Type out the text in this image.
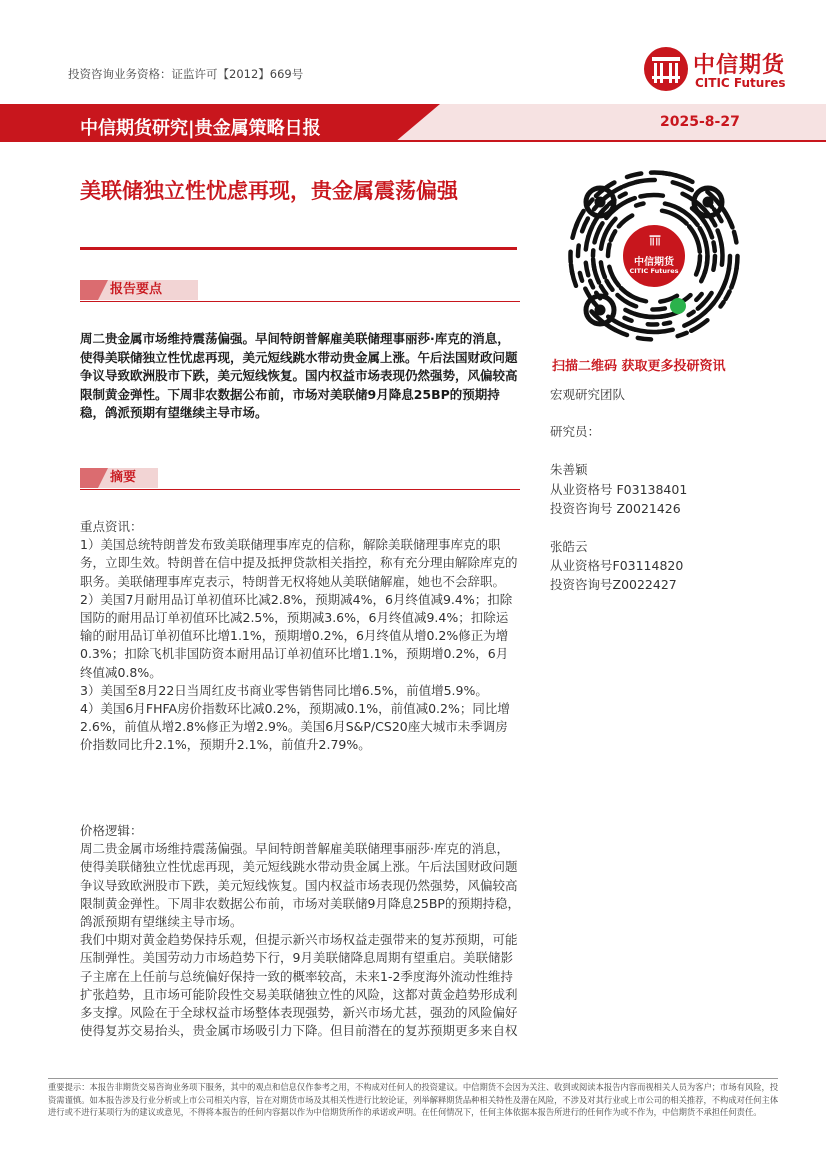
投资咨询业务资格：证监许可【2012】669号	中信期货
CITIC Futures
中信期货研究|贵金属策略日报	2025-8-27
美联储独立性忧虑再现，贵金属震荡偏强
报告要点
周二贵金属市场维持震荡偏强。早间特朗普解雇美联储理事丽莎·库克的消息，使得美联储独立性忧虑再现，美元短线跳水带动贵金属上涨。午后法国财政问题争议导致欧洲股市下跌，美元短线恢复。国内权益市场表现仍然强势，风偏较高限制黄金弹性。下周非农数据公布前，市场对美联储9月降息25BP的预期持稳，鸽派预期有望继续主导市场。
摘要

重点资讯：

1）美国总统特朗普发布致美联储理事库克的信称，解除美联储理事库克的职务，立即生效。特朗普在信中提及抵押贷款相关指控，称有充分理由解除库克的职务。美联储理事库克表示，特朗普无权将她从美联储解雇，她也不会辞职。

2）美国7月耐用品订单初值环比减2.8%，预期减4%，6月终值减9.4%；扣除国防的耐用品订单初值环比减2.5%，预期减3.6%，6月终值减9.4%；扣除运输的耐用品订单初值环比增1.1%，预期增0.2%，6月终值从增0.2%修正为增0.3%；扣除飞机非国防资本耐用品订单初值环比增1.1%，预期增0.2%，6月终值减0.8%。

3）美国至8月22日当周红皮书商业零售销售同比增6.5%，前值增5.9%。

4）美国6月FHFA房价指数环比减0.2%，预期减0.1%，前值减0.2%；同比增2.6%，前值从增2.8%修正为增2.9%。美国6月S&P/CS20座大城市未季调房价指数同比升2.1%，预期升2.1%，前值升2.79%。

价格逻辑：

周二贵金属市场维持震荡偏强。早间特朗普解雇美联储理事丽莎·库克的消息，使得美联储独立性忧虑再现，美元短线跳水带动贵金属上涨。午后法国财政问题争议导致欧洲股市下跌，美元短线恢复。国内权益市场表现仍然强势，风偏较高限制黄金弹性。下周非农数据公布前，市场对美联储9月降息25BP的预期持稳，鸽派预期有望继续主导市场。

我们中期对黄金趋势保持乐观，但提示新兴市场权益走强带来的复苏预期，可能压制弹性。美国劳动力市场趋势下行，9月美联储降息周期有望重启。美联储影子主席在上任前与总统偏好保持一致的概率较高，未来1-2季度海外流动性维持扩张趋势，且市场可能阶段性交易美联储独立性的风险，这都对黄金趋势形成利多支撑。风险在于全球权益市场整体表现强势，新兴市场尤甚，强劲的风险偏好使得复苏交易抬头，贵金属市场吸引力下降。但目前潜在的复苏预期更多来自权

中信期货
CITIC Futures
扫描二维码 获取更多投研资讯
宏观研究团队
研究员：
朱善颖
从业资格号 F03138401
投资咨询号 Z0021426
张皓云
从业资格号F03114820
投资咨询号Z0022427
重要提示：本报告非期货交易咨询业务项下服务，其中的观点和信息仅作参考之用，不构成对任何人的投资建议。中信期货不会因为关注、收到或阅读本报告内容而视相关人员为客户；市场有风险，投资需谨慎。如本报告涉及行业分析或上市公司相关内容，旨在对期货市场及其相关性进行比较论证，列举解释期货品种相关特性及潜在风险，不涉及对其行业或上市公司的相关推荐，不构成对任何主体进行或不进行某项行为的建议或意见，不得将本报告的任何内容据以作为中信期货所作的承诺或声明。在任何情况下，任何主体依据本报告所进行的任何作为或不作为，中信期货不承担任何责任。
